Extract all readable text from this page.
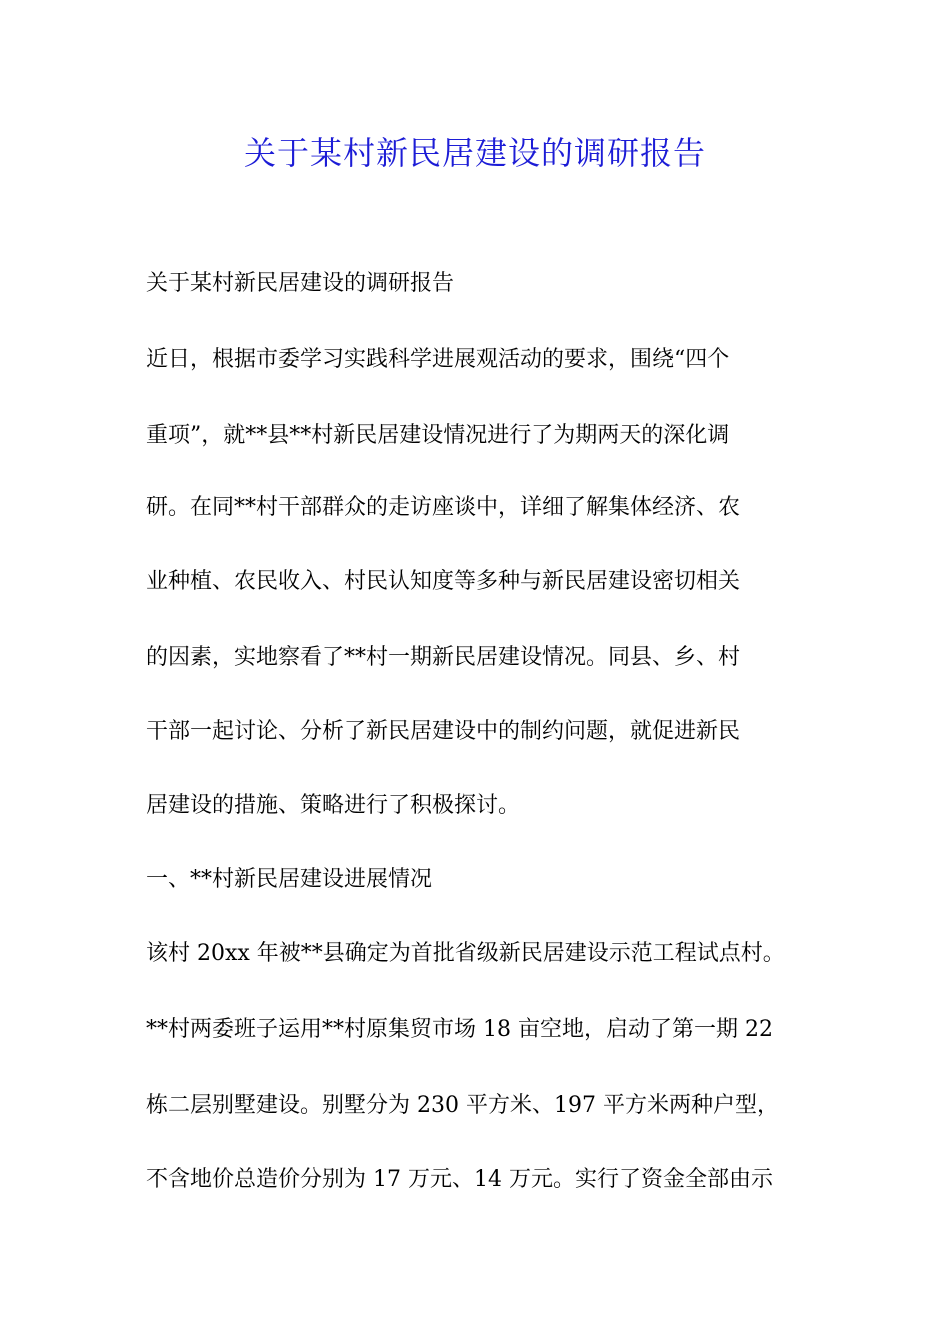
关于某村新民居建设的调研报告
关于某村新民居建设的调研报告
近日，根据市委学习实践科学进展观活动的要求，围绕“四个
重项”，就**县**村新民居建设情况进行了为期两天的深化调
研。在同**村干部群众的走访座谈中，详细了解集体经济、农
业种植、农民收入、村民认知度等多种与新民居建设密切相关
的因素，实地察看了**村一期新民居建设情况。同县、乡、村
干部一起讨论、分析了新民居建设中的制约问题，就促进新民
居建设的措施、策略进行了积极探讨。
一、**村新民居建设进展情况
该村 20xx 年被**县确定为首批省级新民居建设示范工程试点村。
**村两委班子运用**村原集贸市场 18 亩空地，启动了第一期 22
栋二层别墅建设。别墅分为 230 平方米、197 平方米两种户型，
不含地价总造价分别为 17 万元、14 万元。实行了资金全部由示
